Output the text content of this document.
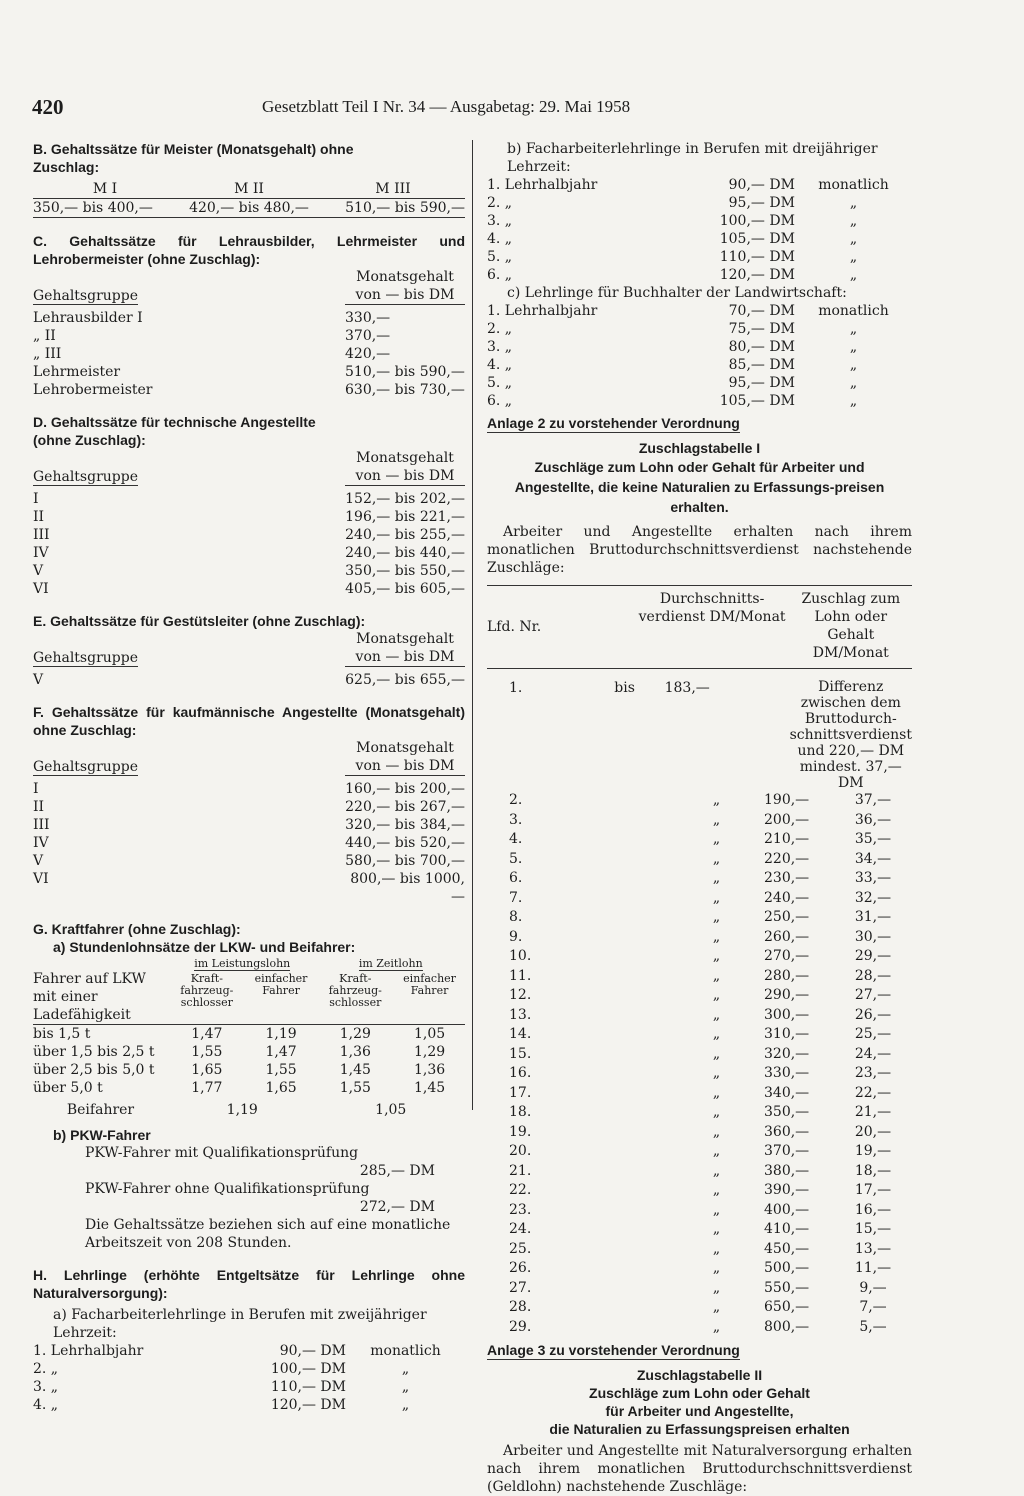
420	Gesetzblatt Teil I Nr. 34 — Ausgabetag: 29. Mai 1958
B. Gehaltssätze für Meister (Monatsgehalt) ohne Zuschlag:
M I	M II	M III
350,— bis 400,—	420,— bis 480,—	510,— bis 590,—
C. Gehaltssätze für Lehrausbilder, Lehrmeister und Lehrobermeister (ohne Zuschlag):
Gehaltsgruppe	Monatsgehalt
von — bis DM

Lehrausbilder I	330,—
„ II	370,—
„ III	420,—
Lehrmeister	510,— bis 590,—
Lehrobermeister	630,— bis 730,—
D. Gehaltssätze für technische Angestellte (ohne Zuschlag):
Gehaltsgruppe	Monatsgehalt
von — bis DM

I	152,— bis 202,—
II	196,— bis 221,—
III	240,— bis 255,—
IV	240,— bis 440,—
V	350,— bis 550,—
VI	405,— bis 605,—
E. Gehaltssätze für Gestütsleiter (ohne Zuschlag):
Gehaltsgruppe	Monatsgehalt
von — bis DM

V	625,— bis 655,—
F. Gehaltssätze für kaufmännische Angestellte (Monatsgehalt) ohne Zuschlag:
Gehaltsgruppe	Monatsgehalt
von — bis DM

I	160,— bis 200,—
II	220,— bis 267,—
III	320,— bis 384,—
IV	440,— bis 520,—
V	580,— bis 700,—
VI	800,— bis 1000,—
G. Kraftfahrer (ohne Zuschlag):
a) Stundenlohnsätze der LKW- und Beifahrer:
	im Leistungslohn		im Zeitlohn	
Fahrer auf LKW mit einer Ladefähigkeit	Kraft-fahrzeug-schlosser	einfacher Fahrer	Kraft-fahrzeug-schlosser	einfacher Fahrer
bis 1,5 t	1,47	1,19	1,29	1,05
über 1,5 bis 2,5 t	1,55	1,47	1,36	1,29
über 2,5 bis 5,0 t	1,65	1,55	1,45	1,36
über 5,0 t	1,77	1,65	1,55	1,45
Beifahrer	1,19		1,05	
b) PKW-Fahrer
PKW-Fahrer mit Qualifikationsprüfung
285,— DM
PKW-Fahrer ohne Qualifikationsprüfung
272,— DM
Die Gehaltssätze beziehen sich auf eine monatliche Arbeitszeit von 208 Stunden.
H. Lehrlinge (erhöhte Entgeltsätze für Lehrlinge ohne Naturalversorgung):
a) Facharbeiterlehrlinge in Berufen mit zweijähriger Lehrzeit:
1. Lehrhalbjahr	90,— DM	monatlich
2. „	100,— DM	„
3. „	110,— DM	„
4. „	120,— DM	„
b) Facharbeiterlehrlinge in Berufen mit dreijähriger Lehrzeit:
1. Lehrhalbjahr	90,— DM	monatlich
2. „	95,— DM	„
3. „	100,— DM	„
4. „	105,— DM	„
5. „	110,— DM	„
6. „	120,— DM	„
c) Lehrlinge für Buchhalter der Landwirtschaft:
1. Lehrhalbjahr	70,— DM	monatlich
2. „	75,— DM	„
3. „	80,— DM	„
4. „	85,— DM	„
5. „	95,— DM	„
6. „	105,— DM	„
Anlage 2 zu vorstehender Verordnung
Zuschlagstabelle I
Zuschläge zum Lohn oder Gehalt für Arbeiter und Angestellte, die keine Naturalien zu Erfassungs-preisen erhalten.
Arbeiter und Angestellte erhalten nach ihrem monatlichen Bruttodurchschnittsverdienst nachstehende Zuschläge:
Lfd. Nr.	Durchschnitts-verdienst DM/Monat	Zuschlag zum Lohn oder Gehalt DM/Monat
1.	bis 183,—	Differenz zwischen dem Bruttodurch-schnittsverdienst und 220,— DM mindest. 37,— DM
2.	„	190,—	37,—
3.	„	200,—	36,—
4.	„	210,—	35,—
5.	„	220,—	34,—
6.	„	230,—	33,—
7.	„	240,—	32,—
8.	„	250,—	31,—
9.	„	260,—	30,—
10.	„	270,—	29,—
11.	„	280,—	28,—
12.	„	290,—	27,—
13.	„	300,—	26,—
14.	„	310,—	25,—
15.	„	320,—	24,—
16.	„	330,—	23,—
17.	„	340,—	22,—
18.	„	350,—	21,—
19.	„	360,—	20,—
20.	„	370,—	19,—
21.	„	380,—	18,—
22.	„	390,—	17,—
23.	„	400,—	16,—
24.	„	410,—	15,—
25.	„	450,—	13,—
26.	„	500,—	11,—
27.	„	550,—	9,—
28.	„	650,—	7,—
29.	„	800,—	5,—
Anlage 3 zu vorstehender Verordnung
Zuschlagstabelle II
Zuschläge zum Lohn oder Gehalt
für Arbeiter und Angestellte,
die Naturalien zu Erfassungspreisen erhalten
Arbeiter und Angestellte mit Naturalversorgung erhalten nach ihrem monatlichen Bruttodurchschnittsverdienst (Geldlohn) nachstehende Zuschläge:
